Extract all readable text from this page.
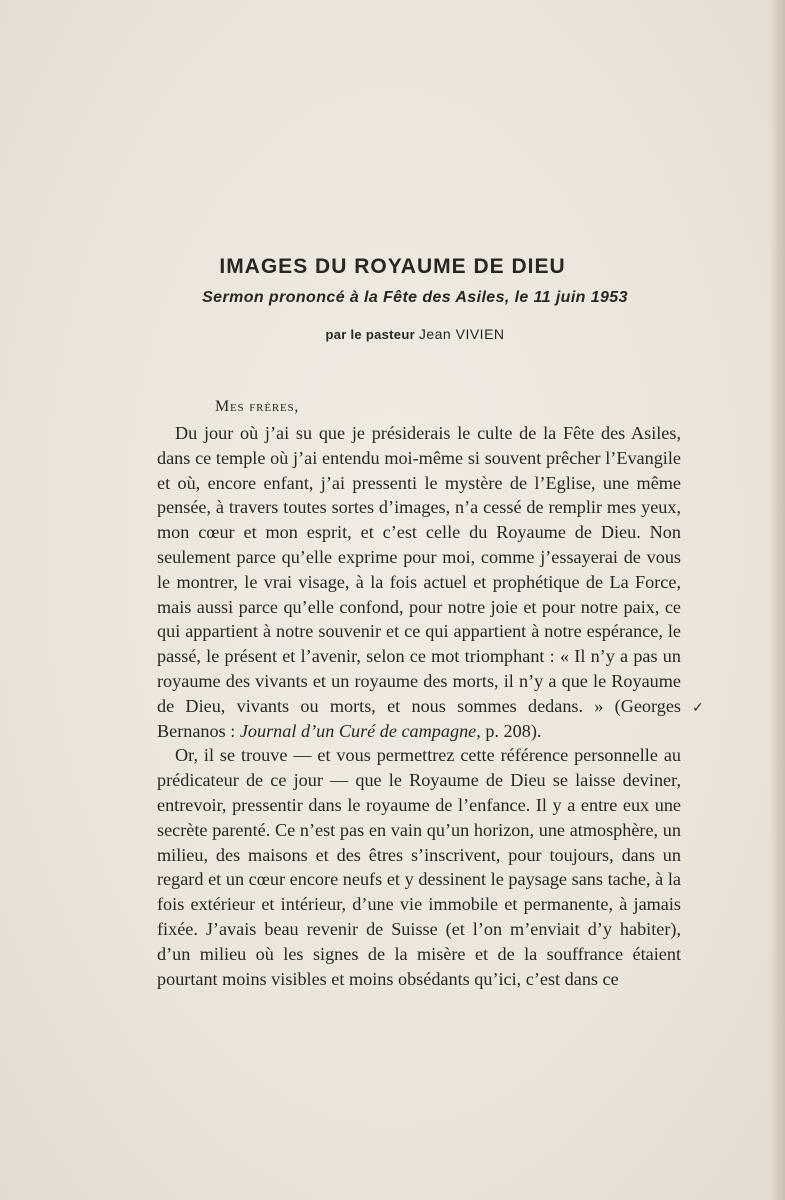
IMAGES DU ROYAUME DE DIEU
Sermon prononcé à la Fête des Asiles, le 11 juin 1953

par le pasteur Jean VIVIEN

Mes frères,

Du jour où j’ai su que je présiderais le culte de la Fête des Asiles, dans ce temple où j’ai entendu moi-même si souvent prêcher l’Evangile et où, encore enfant, j’ai pressenti le mystère de l’Eglise, une même pensée, à travers toutes sortes d’images, n’a cessé de remplir mes yeux, mon cœur et mon esprit, et c’est celle du Royaume de Dieu. Non seulement parce qu’elle exprime pour moi, comme j’essayerai de vous le montrer, le vrai visage, à la fois actuel et prophétique de La Force, mais aussi parce qu’elle confond, pour notre joie et pour notre paix, ce qui appartient à notre souvenir et ce qui appartient à notre espérance, le passé, le présent et l’avenir, selon ce mot triomphant : « Il n’y a pas un royaume des vivants et un royaume des morts, il n’y a que le Royaume de Dieu, vivants ou morts, et nous sommes dedans. » (Georges Bernanos : Journal d’un Curé de campagne, p. 208).

Or, il se trouve — et vous permettrez cette référence personnelle au prédicateur de ce jour — que le Royaume de Dieu se laisse deviner, entrevoir, pressentir dans le royaume de l’enfance. Il y a entre eux une secrète parenté. Ce n’est pas en vain qu’un horizon, une atmosphère, un milieu, des maisons et des êtres s’inscrivent, pour toujours, dans un regard et un cœur encore neufs et y dessinent le paysage sans tache, à la fois extérieur et intérieur, d’une vie immobile et permanente, à jamais fixée. J’avais beau revenir de Suisse (et l’on m’enviait d’y habiter), d’un milieu où les signes de la misère et de la souffrance étaient pourtant moins visibles et moins obsédants qu’ici, c’est dans ce

✓
